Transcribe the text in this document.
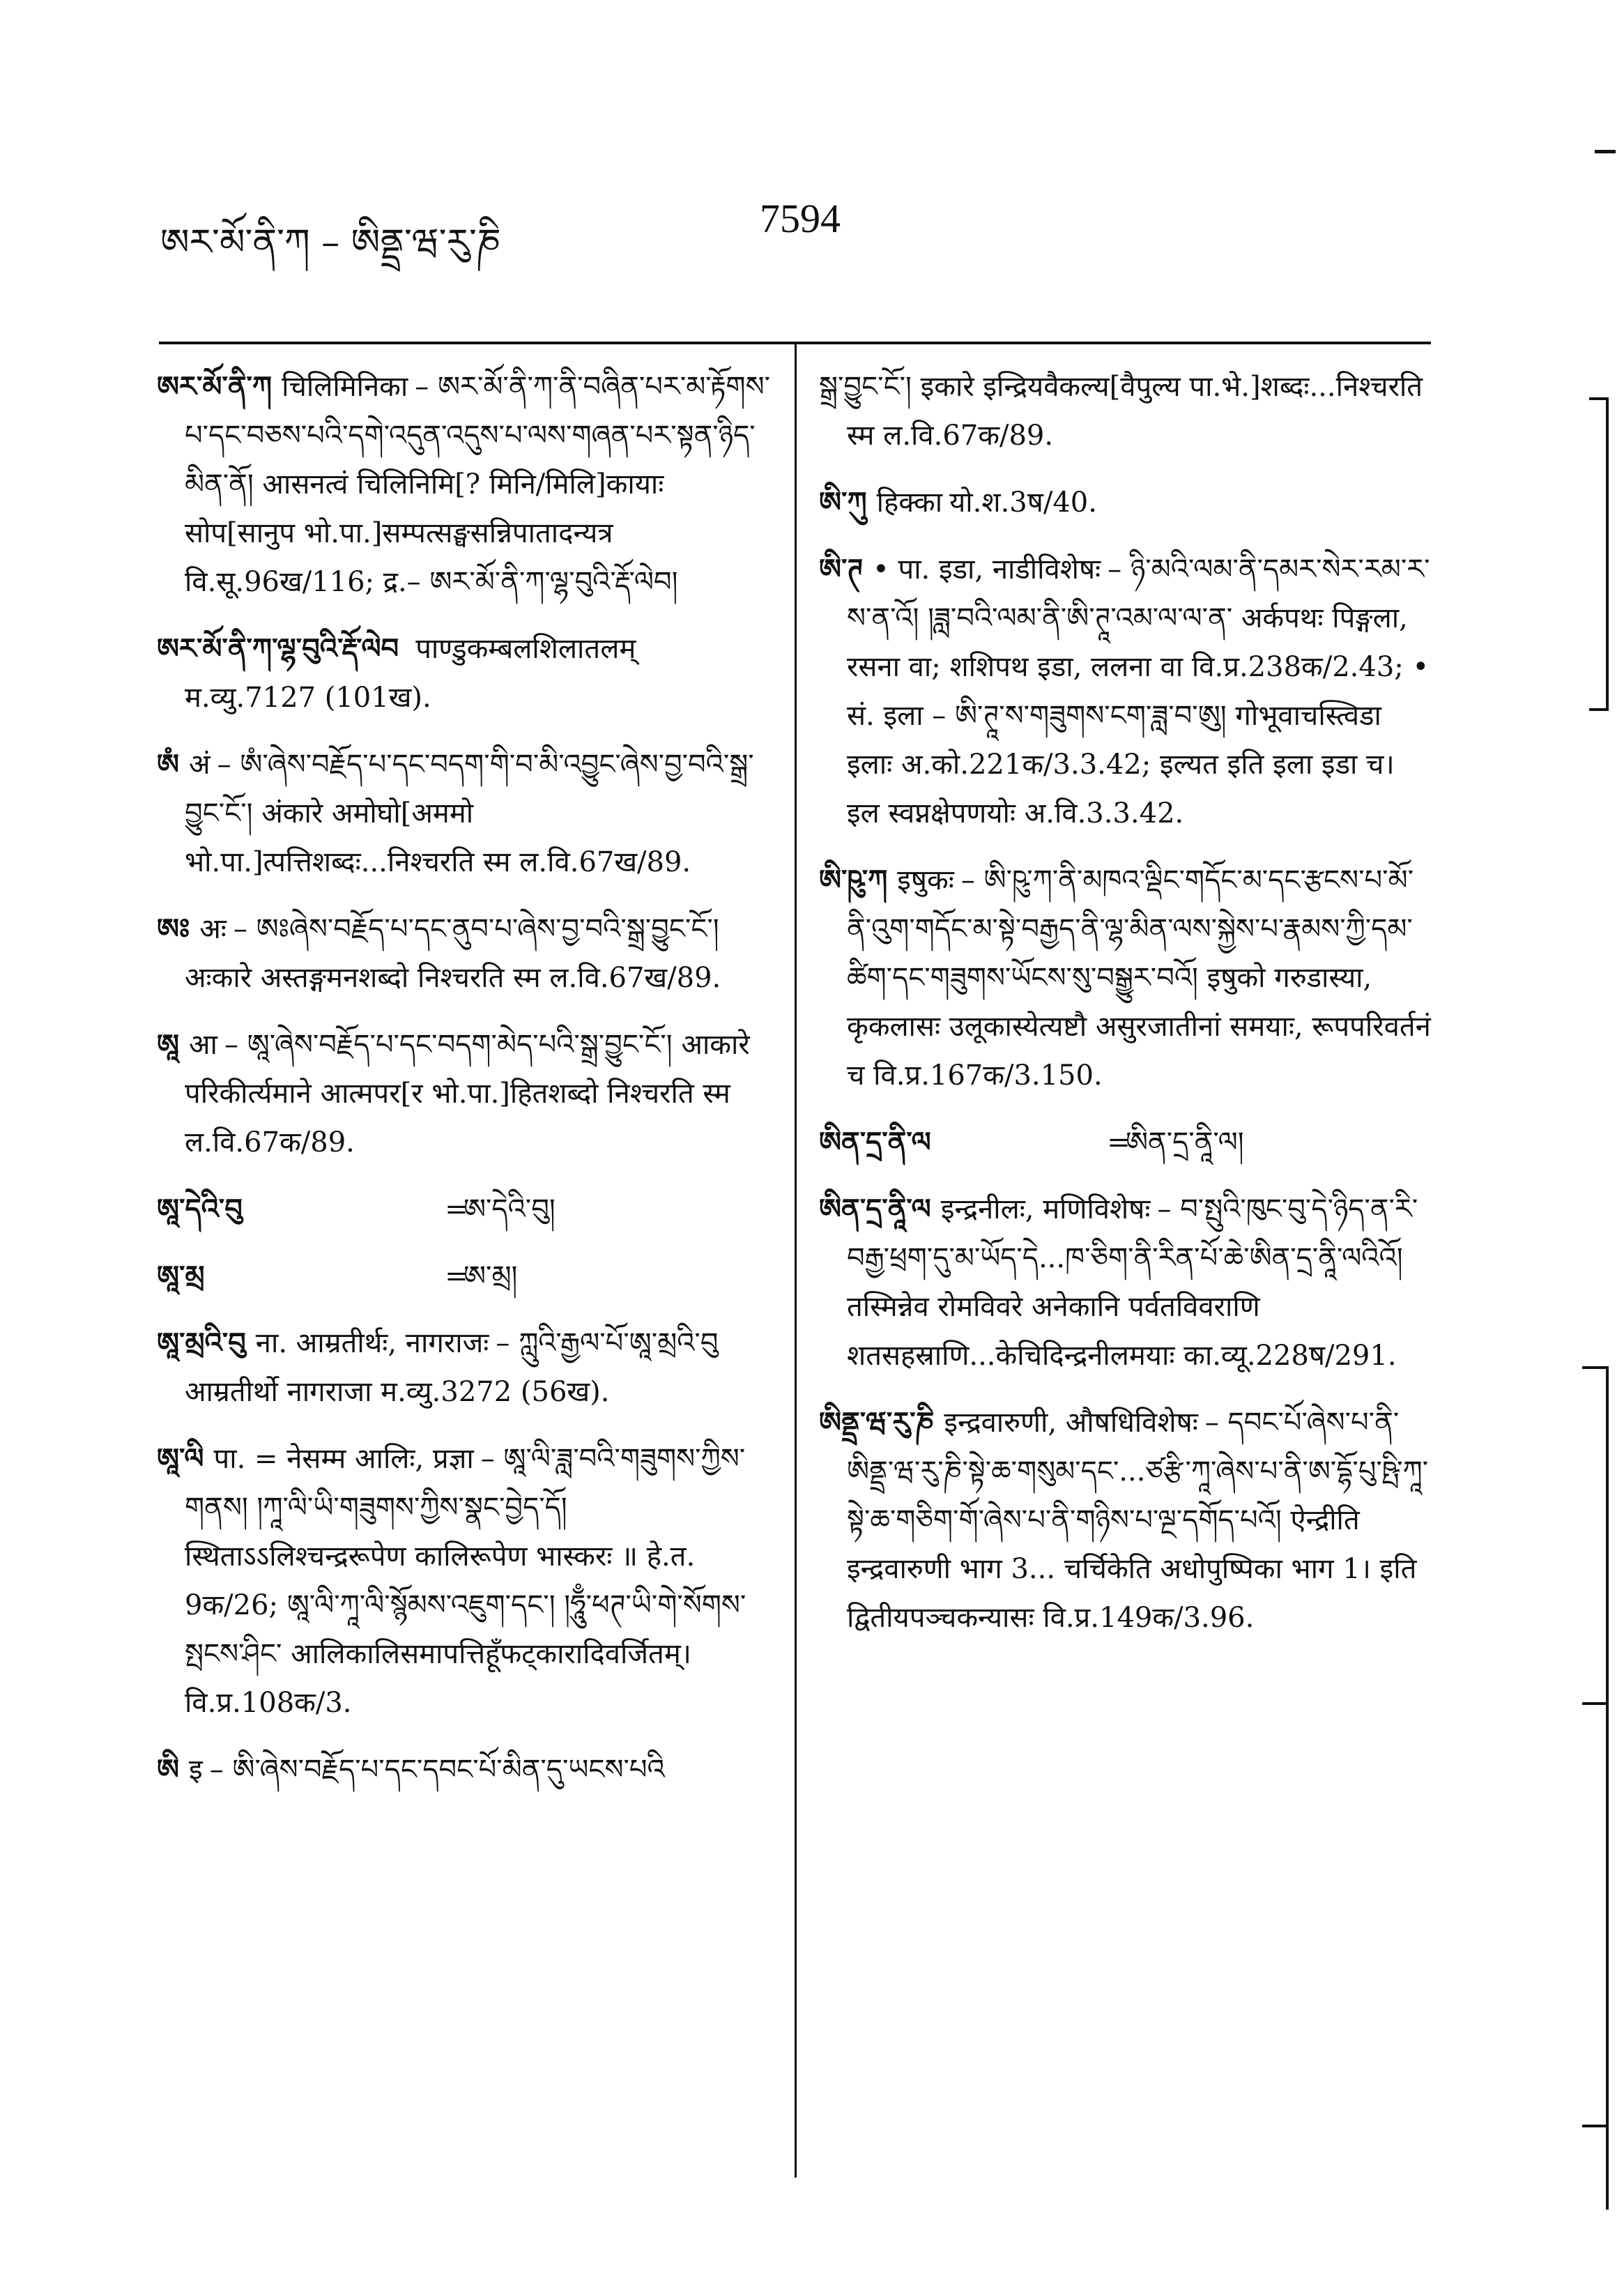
ཨར་མོ་ནི་ཀ – ཨིནྡྲ་ཝ་རུ་ཎི
7594
ཨར་མོ་ནི་ཀ चिलिमिनिका – ཨར་མོ་ནི་ཀ་ནི་བཞིན་པར་མ་རྟོགས་པ་དང་བཅས་པའི་དགེ་འདུན་འདུས་པ་ལས་གཞན་པར་སྟན་ཉིད་མིན་ནོ། आसनत्वं चिलिनिमि[? मिनि/मिलि]कायाः सोप[सानुप भो.पा.]सम्पत्सङ्घसन्निपातादन्यत्र वि.सू.96ख/116; द्र.– ཨར་མོ་ནི་ཀ་ལྷ་བུའི་རྡོ་ལེབ།
ཨར་མོ་ནི་ཀ་ལྷ་བུའི་རྡོ་ལེབ पाण्डुकम्बलशिलातलम् म.व्यु.7127 (101ख).
ཨཾ अं – ཨཾ་ཞེས་བརྗོད་པ་དང་བདག་གི་བ་མི་འབྱུང་ཞེས་བྱ་བའི་སྒྲ་བྱུང་ངོ༌། अंकारे अमोघो[अममो भो.पा.]त्पत्तिशब्दः...निश्चरति स्म ल.वि.67ख/89.
ཨཿ अः – ཨཿཞེས་བརྗོད་པ་དང་ནུབ་པ་ཞེས་བྱ་བའི་སྒྲ་བྱུང་ངོ༌། अःकारे अस्तङ्गमनशब्दो निश्चरति स्म ल.वि.67ख/89.
ཨཱ आ – ཨཱ་ཞེས་བརྗོད་པ་དང་བདག་མེད་པའི་སྒྲ་བྱུང་ངོ༌། आकारे परिकीर्त्यमाने आत्मपर[र भो.पा.]हितशब्दो निश्चरति स्म ल.वि.67क/89.
ཨཱ་དེའི་བུ	=
ཨ་དེའི་བུ།
ཨཱ་མྲ	=
ཨ་མྲ།
ཨཱ་མྲའི་བུ ना. आम्रतीर्थः, नागराजः – ཀླུའི་རྒྱལ་པོ་ཨཱ་མྲའི་བུ आम्रतीर्थो नागराजा म.व्यु.3272 (56ख).
ཨཱ་ལི पा. = नेसम्म आलिः, प्रज्ञा – ཨཱ་ལི་ཟླ་བའི་གཟུགས་ཀྱིས་གནས། །ཀཱ་ལི་ཡི་གཟུགས་ཀྱིས་སྣང་བྱེད་དོ། स्थिताऽऽलिश्चन्द्ररूपेण कालिरूपेण भास्करः ॥ हे.त. 9क/26; ཨཱ་ལི་ཀཱ་ལི་སྙོམས་འཇུག་དང་། །ཧཱུྃ་ཕཊ་ཡི་གེ་སོགས་སྤངས་ཤིང་ आलिकालिसमापत्तिहूँफट्कारादिवर्जितम्। वि.प्र.108क/3.
ཨི इ – ཨི་ཞེས་བརྗོད་པ་དང་དབང་པོ་མིན་དུ་ཡངས་པའི
སྒྲ་བྱུང་ངོ༌། इकारे इन्द्रियवैकल्य[वैपुल्य पा.भे.]शब्दः...निश्चरति स्म ल.वि.67क/89.
ཨི་ཀུ हिक्का यो.श.3ष/40.
ཨི་ཊ • पा. इडा, नाडीविशेषः – ཉི་མའི་ལམ་ནི་དམར་སེར་རམ་ར་ས་ན་འོ། །ཟླ་བའི་ལམ་ནི་ཨི་ཊཱ་འམ་ལ་ལ་ན་ अर्कपथः पिङ्गला, रसना वा; शशिपथ इडा, ललना वा वि.प्र.238क/2.43; • सं. इला – ཨི་ཊཱ་ས་གཟུགས་ངག་ཟླ་བ་ཨུ། गोभूवाचस्त्विडा इलाः अ.को.221क/3.3.42; इल्यत इति इला इडा च। इल स्वप्नक्षेपणयोः अ.वि.3.3.42.
ཨི་ཥུ་ཀ इषुकः – ཨི་ཥུ་ཀ་ནི་མཁའ་ལྡིང་གདོང་མ་དང་རྩངས་པ་མོ་ནི་འུག་གདོང་མ་སྟེ་བརྒྱད་ནི་ལྷ་མིན་ལས་སྐྱེས་པ་རྣམས་ཀྱི་དམ་ཚིག་དང་གཟུགས་ཡོངས་སུ་བསྒྱུར་བའོ། इषुको गरुडास्या, कृकलासः उलूकास्येत्यष्टौ असुरजातीनां समयाः, रूपपरिवर्तनं च वि.प्र.167क/3.150.
ཨིན་དྲ་ནི་ལ	=
ཨིན་དྲ་ནཱི་ལ།
ཨིན་དྲ་ནཱི་ལ इन्द्रनीलः, मणिविशेषः – བ་སྤུའི་ཁུང་བུ་དེ་ཉིད་ན་རི་བརྒྱ་ཕྲག་དུ་མ་ཡོད་དེ...ཁ་ཅིག་ནི་རིན་པོ་ཆེ་ཨིན་དྲ་ནཱི་ལའིའོ། तस्मिन्नेव रोमविवरे अनेकानि पर्वतविवराणि शतसहस्राणि...केचिदिन्द्रनीलमयाः का.व्यू.228ष/291.
ཨིནྡྲ་ཝ་རུ་ཎི इन्द्रवारुणी, औषधिविशेषः – དབང་པོ་ཞེས་པ་ནི་ཨིནྡྲ་ཝ་རུ་ཎི་སྟེ་ཆ་གསུམ་དང་...ཙརྩི་ཀཱ་ཞེས་པ་ནི་ཨ་དྷོ་པུ་ཥྤི་ཀཱ་སྟེ་ཆ་གཅིག་གོ་ཞེས་པ་ནི་གཉིས་པ་ལྔ་དགོད་པའོ། ऐन्द्रीति इन्द्रवारुणी भाग 3... चर्चिकेति अधोपुष्पिका भाग 1। इति द्वितीयपञ्चकन्यासः वि.प्र.149क/3.96.
